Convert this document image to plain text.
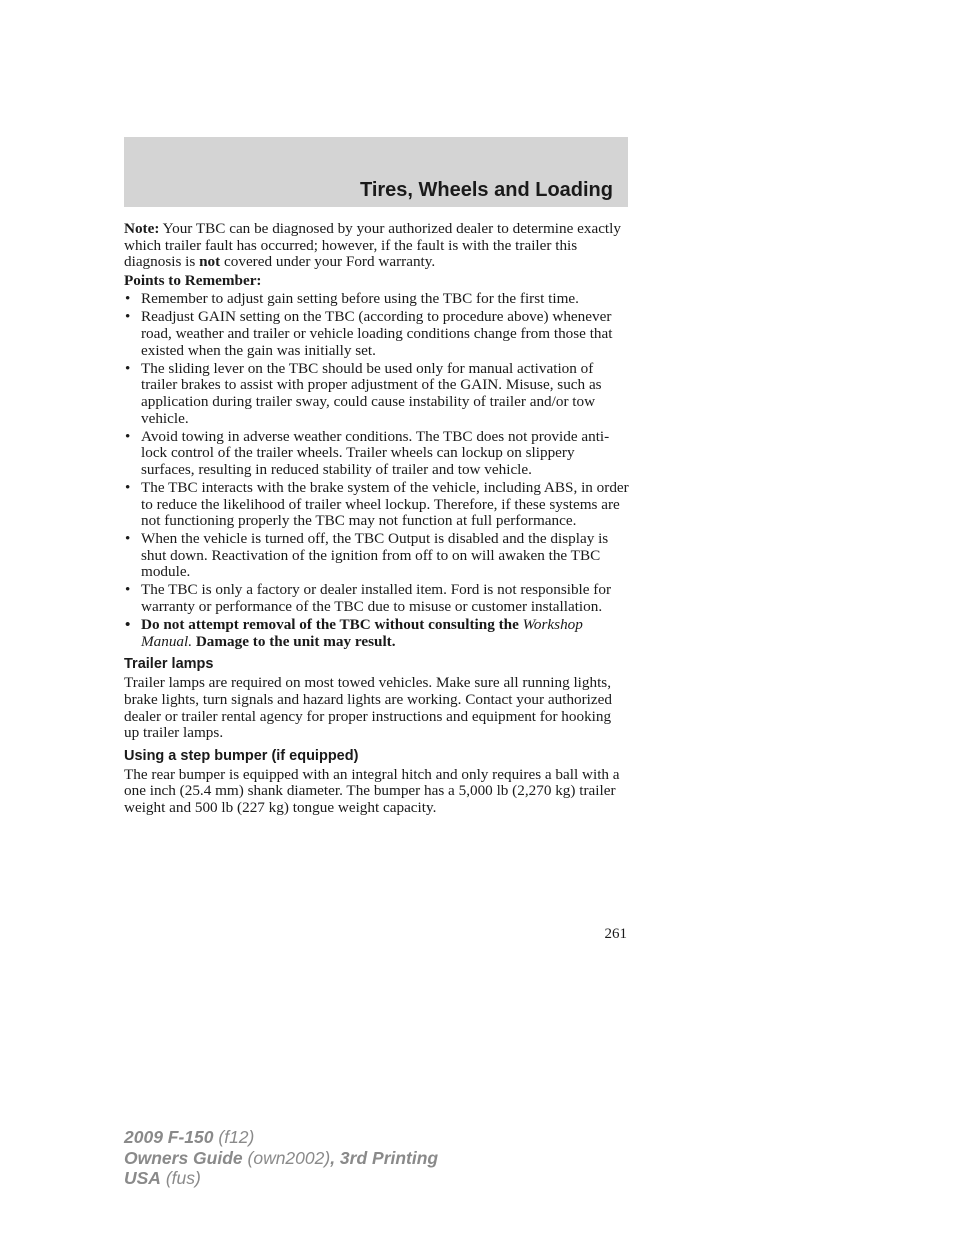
Tires, Wheels and Loading

Note: Your TBC can be diagnosed by your authorized dealer to determine exactly which trailer fault has occurred; however, if the fault is with the trailer this diagnosis is not covered under your Ford warranty.

Points to Remember:

• Remember to adjust gain setting before using the TBC for the first time.
• Readjust GAIN setting on the TBC (according to procedure above) whenever road, weather and trailer or vehicle loading conditions change from those that existed when the gain was initially set.
• The sliding lever on the TBC should be used only for manual activation of trailer brakes to assist with proper adjustment of the GAIN. Misuse, such as application during trailer sway, could cause instability of trailer and/or tow vehicle.
• Avoid towing in adverse weather conditions. The TBC does not provide anti-lock control of the trailer wheels. Trailer wheels can lockup on slippery surfaces, resulting in reduced stability of trailer and tow vehicle.
• The TBC interacts with the brake system of the vehicle, including ABS, in order to reduce the likelihood of trailer wheel lockup. Therefore, if these systems are not functioning properly the TBC may not function at full performance.
• When the vehicle is turned off, the TBC Output is disabled and the display is shut down. Reactivation of the ignition from off to on will awaken the TBC module.
• The TBC is only a factory or dealer installed item. Ford is not responsible for warranty or performance of the TBC due to misuse or customer installation.
• Do not attempt removal of the TBC without consulting the Workshop Manual. Damage to the unit may result.
Trailer lamps

Trailer lamps are required on most towed vehicles. Make sure all running lights, brake lights, turn signals and hazard lights are working. Contact your authorized dealer or trailer rental agency for proper instructions and equipment for hooking up trailer lamps.

Using a step bumper (if equipped)

The rear bumper is equipped with an integral hitch and only requires a ball with a one inch (25.4 mm) shank diameter. The bumper has a 5,000 lb (2,270 kg) trailer weight and 500 lb (227 kg) tongue weight capacity.

261
2009 F-150 (f12)
Owners Guide (own2002), 3rd Printing
USA (fus)
